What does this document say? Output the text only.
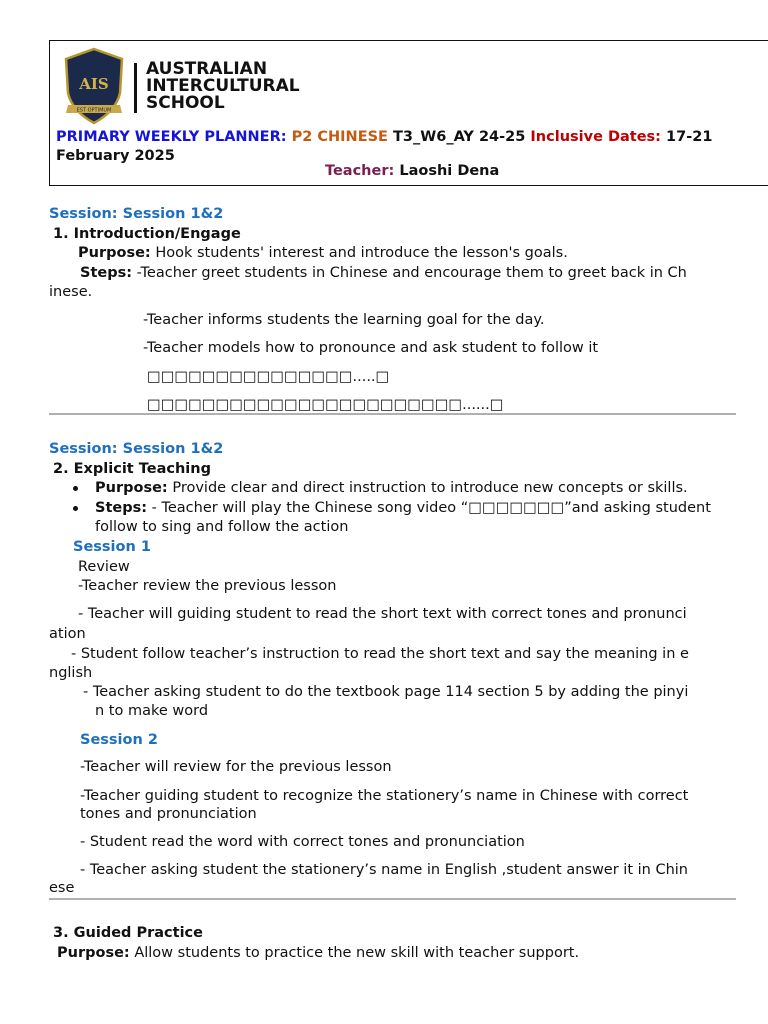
AIS
EST OPTIMUM
AUSTRALIAN
INTERCULTURAL
SCHOOL
PRIMARY WEEKLY PLANNER: P2 CHINESE T3_W6_AY 24-25 Inclusive Dates: 17-21
February 2025
Teacher: Laoshi Dena
Session: Session 1&2
1. Introduction/Engage
Purpose: Hook students' interest and introduce the lesson's goals.
Steps: -Teacher greet students in Chinese and encourage them to greet back in Ch
inese.
-Teacher informs students the learning goal for the day.
-Teacher models how to pronounce and ask student to follow it
□□□□□□□□□□□□□□□.....□
□□□□□□□□□□□□□□□□□□□□□□□......□
Session: Session 1&2
2. Explicit Teaching
Purpose: Provide clear and direct instruction to introduce new concepts or skills.
Steps: - Teacher will play the Chinese song video “□□□□□□□”and asking student
follow to sing and follow the action
Session 1
Review
-Teacher review the previous lesson
- Teacher will guiding student to read the short text with correct tones and pronunci
ation
- Student follow teacher’s instruction to read the short text and say the meaning in e
nglish
- Teacher asking student to do the textbook page 114 section 5 by adding the pinyi
n to make word
Session 2
-Teacher will review for the previous lesson
-Teacher guiding student to recognize the stationery’s name in Chinese with correct
tones and pronunciation
- Student read the word with correct tones and pronunciation
- Teacher asking student the stationery’s name in English ,student answer it in Chin
ese
3. Guided Practice
Purpose: Allow students to practice the new skill with teacher support.
